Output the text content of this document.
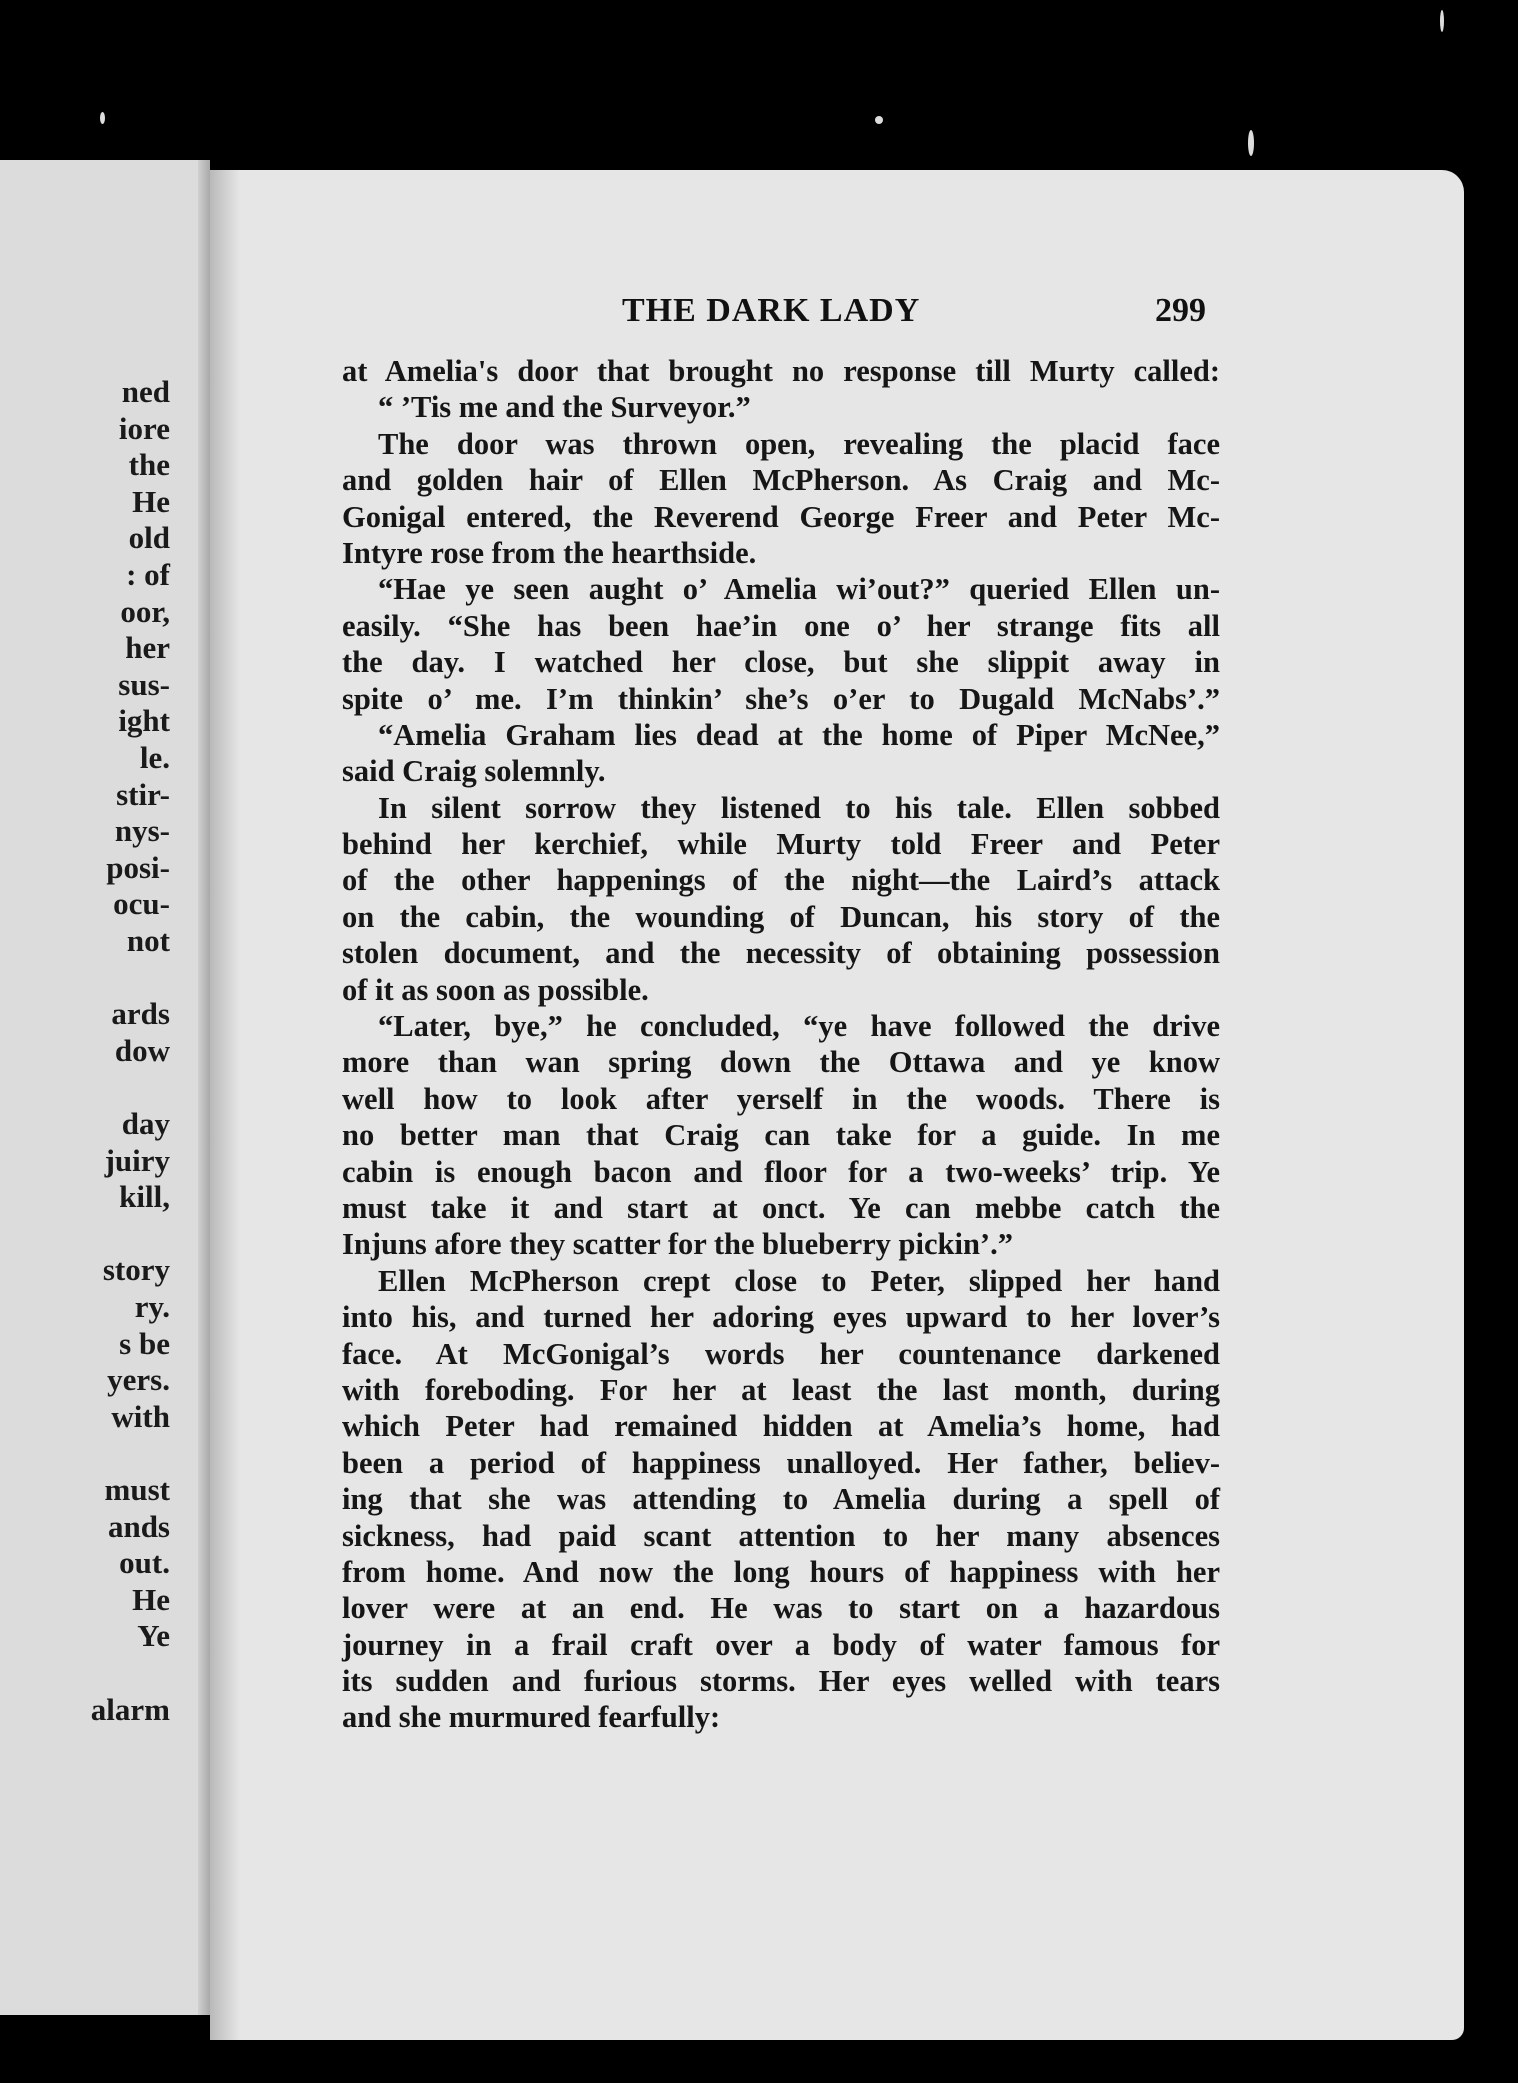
ned
iore
the
He
old
: of
oor,
her
sus-
ight
le.
stir-
nys-
posi-
ocu-
not
ards
dow
day
juiry
kill,
story
ry.
s be
yers.
with
must
ands
out.
He
Ye
alarm
THE DARK LADY	299
at Amelia's door that brought no response till Murty called:
“ ’Tis me and the Surveyor.”
The door was thrown open, revealing the placid face
and golden hair of Ellen McPherson. As Craig and Mc-
Gonigal entered, the Reverend George Freer and Peter Mc-
Intyre rose from the hearthside.
“Hae ye seen aught o’ Amelia wi’out?” queried Ellen un-
easily. “She has been hae’in one o’ her strange fits all
the day. I watched her close, but she slippit away in
spite o’ me. I’m thinkin’ she’s o’er to Dugald McNabs’.”
“Amelia Graham lies dead at the home of Piper McNee,”
said Craig solemnly.
In silent sorrow they listened to his tale. Ellen sobbed
behind her kerchief, while Murty told Freer and Peter
of the other happenings of the night—the Laird’s attack
on the cabin, the wounding of Duncan, his story of the
stolen document, and the necessity of obtaining possession
of it as soon as possible.
“Later, bye,” he concluded, “ye have followed the drive
more than wan spring down the Ottawa and ye know
well how to look after yerself in the woods. There is
no better man that Craig can take for a guide. In me
cabin is enough bacon and floor for a two-weeks’ trip. Ye
must take it and start at onct. Ye can mebbe catch the
Injuns afore they scatter for the blueberry pickin’.”
Ellen McPherson crept close to Peter, slipped her hand
into his, and turned her adoring eyes upward to her lover’s
face. At McGonigal’s words her countenance darkened
with foreboding. For her at least the last month, during
which Peter had remained hidden at Amelia’s home, had
been a period of happiness unalloyed. Her father, believ-
ing that she was attending to Amelia during a spell of
sickness, had paid scant attention to her many absences
from home. And now the long hours of happiness with her
lover were at an end. He was to start on a hazardous
journey in a frail craft over a body of water famous for
its sudden and furious storms. Her eyes welled with tears
and she murmured fearfully:
